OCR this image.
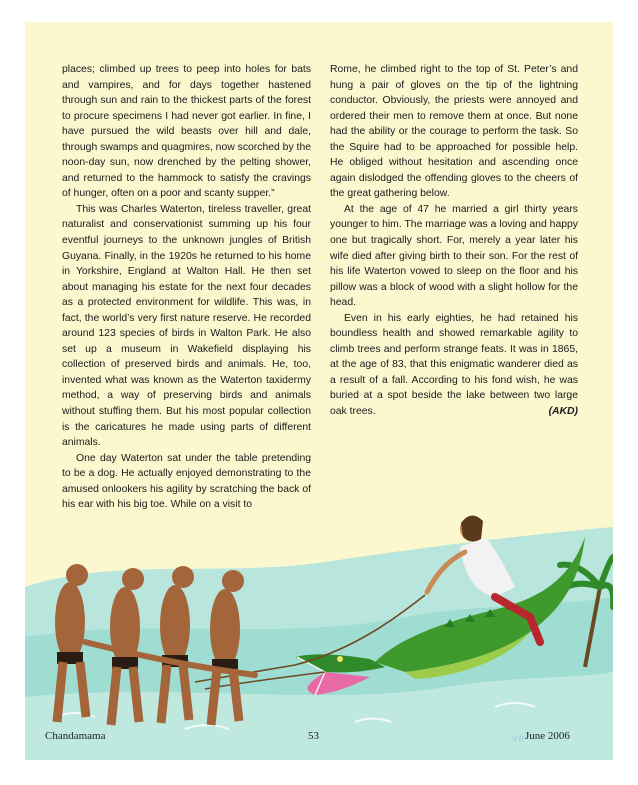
places; climbed up trees to peep into holes for bats and vampires, and for days together hastened through sun and rain to the thickest parts of the forest to procure specimens I had never got earlier. In fine, I have pursued the wild beasts over hill and dale, through swamps and quagmires, now scorched by the noon-day sun, now drenched by the pelting shower, and returned to the hammock to satisfy the cravings of hunger, often on a poor and scanty supper.”

This was Charles Waterton, tireless traveller, great naturalist and conservationist summing up his four eventful journeys to the unknown jungles of British Guyana. Finally, in the 1920s he returned to his home in Yorkshire, England at Walton Hall. He then set about managing his estate for the next four decades as a protected environment for wildlife. This was, in fact, the world’s very first nature reserve. He recorded around 123 species of birds in Walton Park. He also set up a museum in Wakefield displaying his collection of preserved birds and animals. He, too, invented what was known as the Waterton taxidermy method, a way of preserving birds and animals without stuffing them. But his most popular collection is the caricatures he made using parts of different animals.

One day Waterton sat under the table pretending to be a dog. He actually enjoyed demonstrating to the amused onlookers his agility by scratching the back of his ear with his big toe. While on a visit to

Rome, he climbed right to the top of St. Peter’s and hung a pair of gloves on the tip of the lightning conductor. Obviously, the priests were annoyed and ordered their men to remove them at once. But none had the ability or the courage to perform the task. So the Squire had to be approached for possible help. He obliged without hesitation and ascending once again dislodged the offending gloves to the cheers of the great gathering below.

At the age of 47 he married a girl thirty years younger to him. The marriage was a loving and happy one but tragically short. For, merely a year later his wife died after giving birth to their son. For the rest of his life Waterton vowed to sleep on the floor and his pillow was a block of wood with a slight hollow for the head.

Even in his early eighties, he had retained his boundless health and showed remarkable agility to climb trees and perform strange feats. It was in 1865, at the age of 83, that this enigmatic wanderer died as a result of a fall. According to his fond wish, he was buried at a spot beside the lake between two large oak trees.	(AKD)
Chandamama	53	ve June 2006
